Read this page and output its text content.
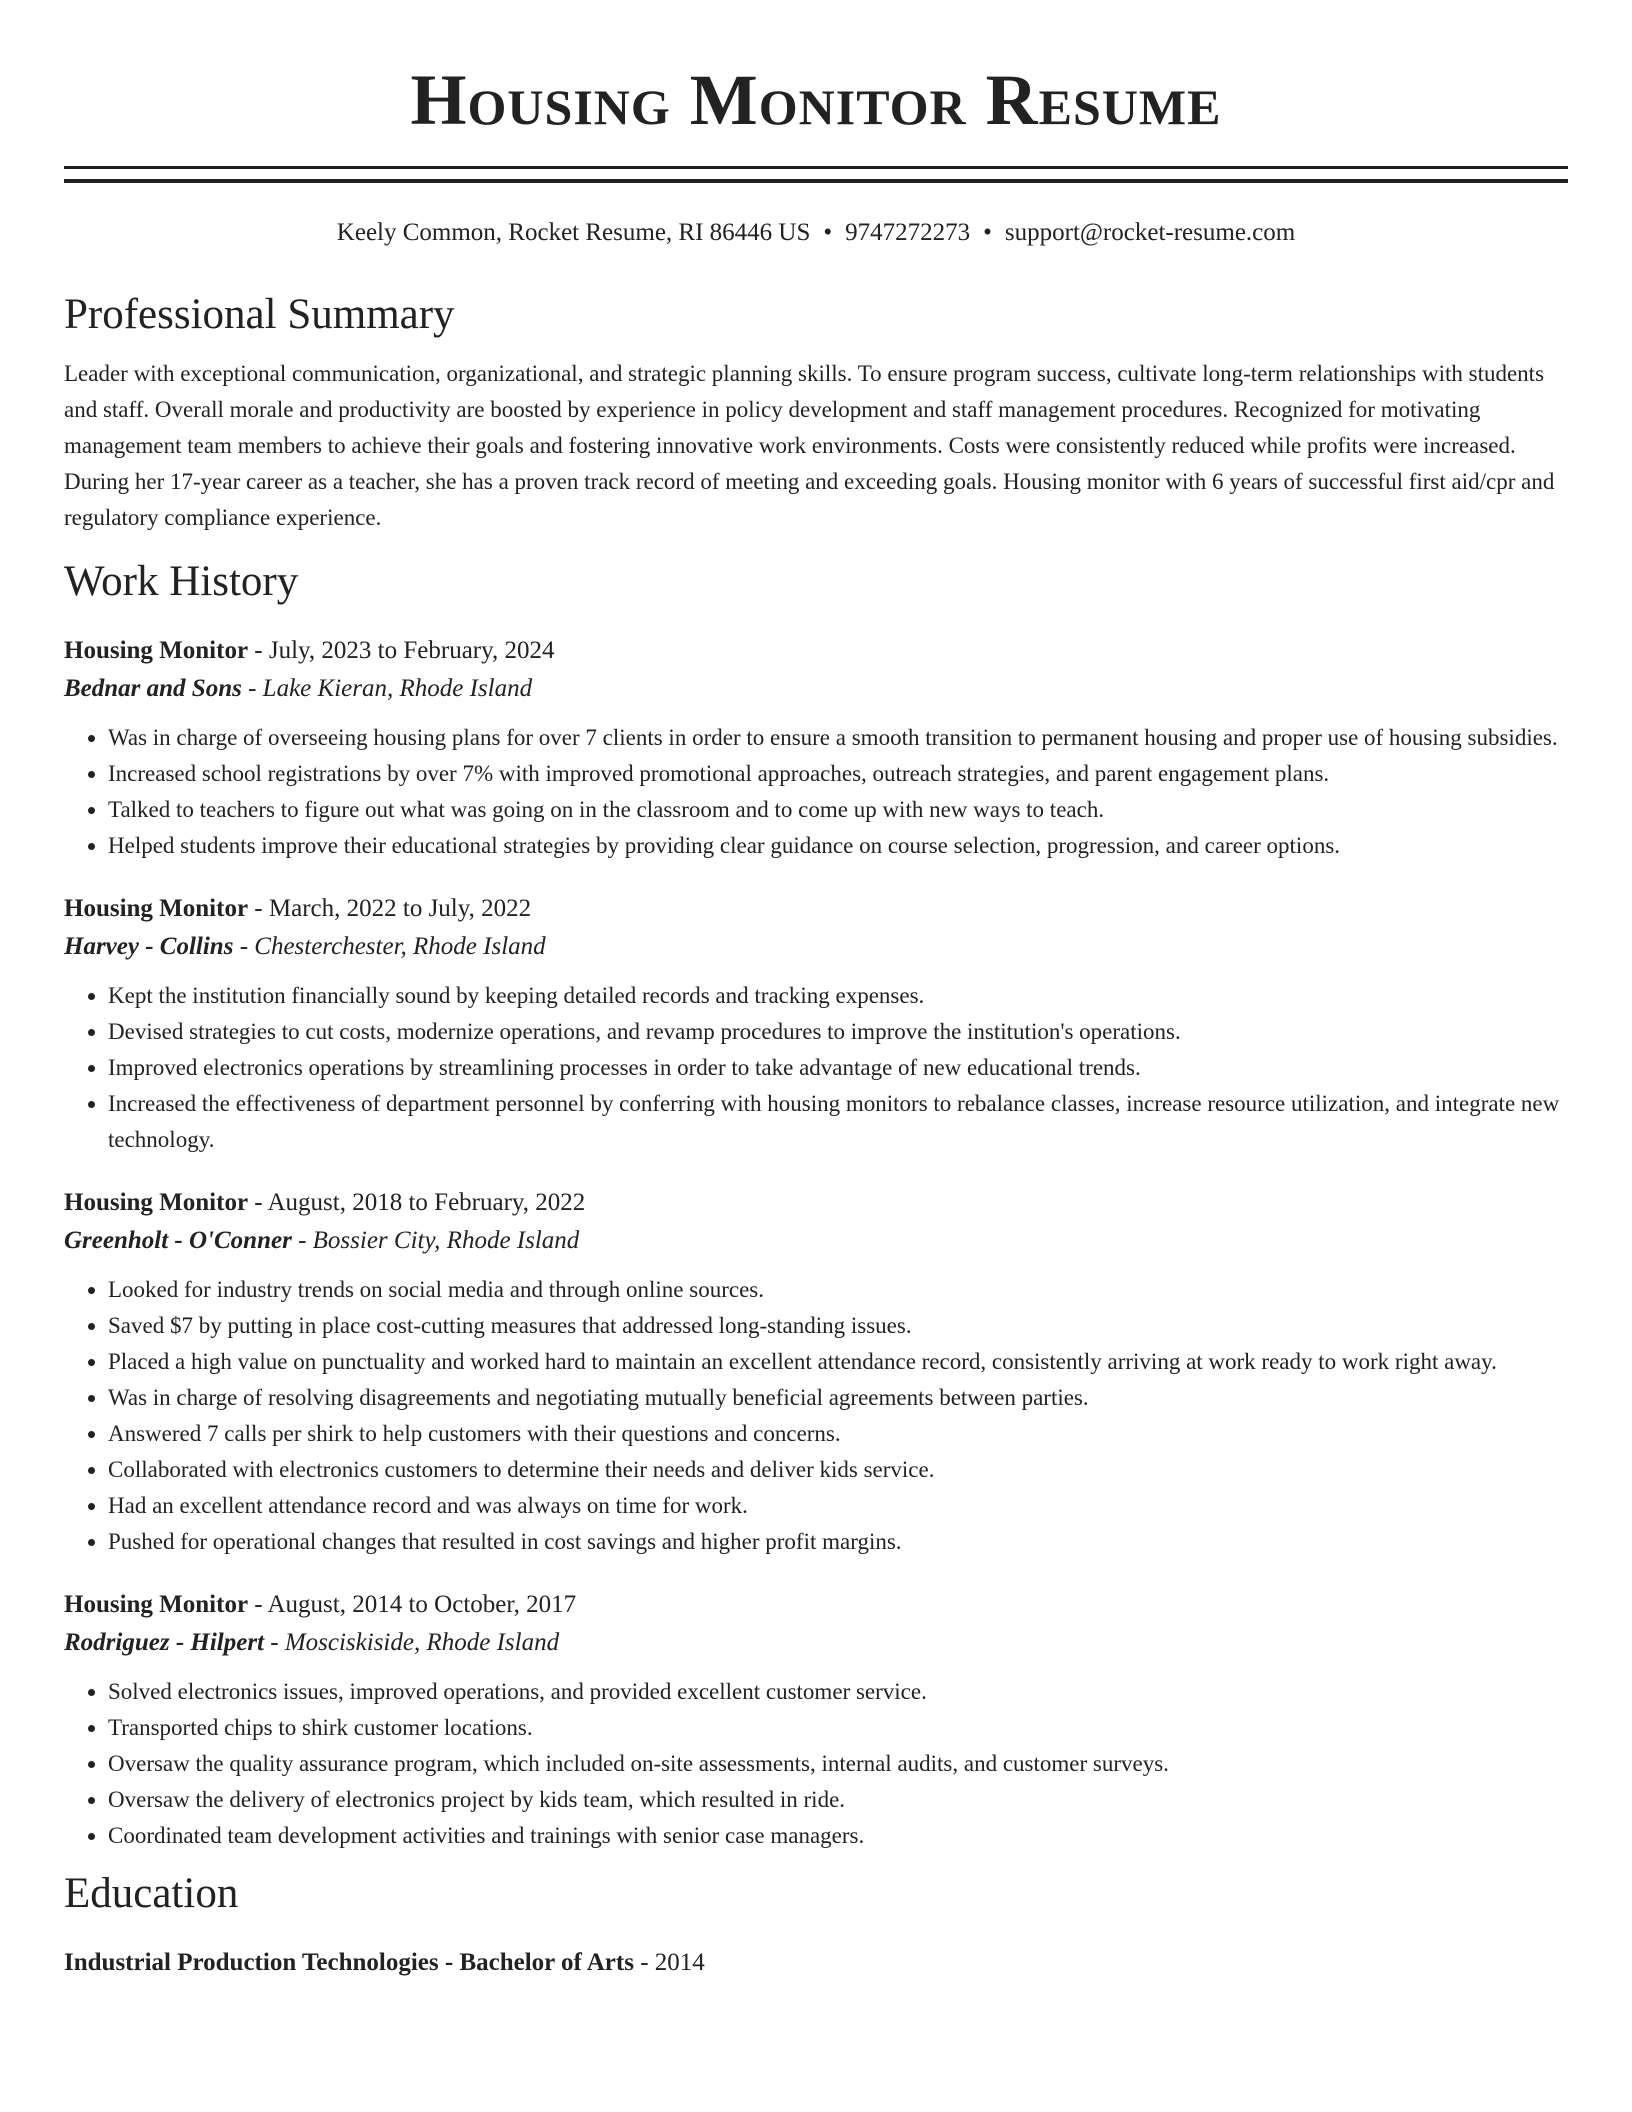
Housing Monitor Resume
Keely Common, Rocket Resume, RI 86446 US • 9747272273 • support@rocket-resume.com
Professional Summary

Leader with exceptional communication, organizational, and strategic planning skills. To ensure program success, cultivate long-term relationships with students and staff. Overall morale and productivity are boosted by experience in policy development and staff management procedures. Recognized for motivating management team members to achieve their goals and fostering innovative work environments. Costs were consistently reduced while profits were increased. During her 17-year career as a teacher, she has a proven track record of meeting and exceeding goals. Housing monitor with 6 years of successful first aid/cpr and regulatory compliance experience.

Work History
Housing Monitor - July, 2023 to February, 2024
Bednar and Sons - Lake Kieran, Rhode Island
• Was in charge of overseeing housing plans for over 7 clients in order to ensure a smooth transition to permanent housing and proper use of housing subsidies.
• Increased school registrations by over 7% with improved promotional approaches, outreach strategies, and parent engagement plans.
• Talked to teachers to figure out what was going on in the classroom and to come up with new ways to teach.
• Helped students improve their educational strategies by providing clear guidance on course selection, progression, and career options.
Housing Monitor - March, 2022 to July, 2022
Harvey - Collins - Chesterchester, Rhode Island
• Kept the institution financially sound by keeping detailed records and tracking expenses.
• Devised strategies to cut costs, modernize operations, and revamp procedures to improve the institution's operations.
• Improved electronics operations by streamlining processes in order to take advantage of new educational trends.
• Increased the effectiveness of department personnel by conferring with housing monitors to rebalance classes, increase resource utilization, and integrate new technology.
Housing Monitor - August, 2018 to February, 2022
Greenholt - O'Conner - Bossier City, Rhode Island
• Looked for industry trends on social media and through online sources.
• Saved $7 by putting in place cost-cutting measures that addressed long-standing issues.
• Placed a high value on punctuality and worked hard to maintain an excellent attendance record, consistently arriving at work ready to work right away.
• Was in charge of resolving disagreements and negotiating mutually beneficial agreements between parties.
• Answered 7 calls per shirk to help customers with their questions and concerns.
• Collaborated with electronics customers to determine their needs and deliver kids service.
• Had an excellent attendance record and was always on time for work.
• Pushed for operational changes that resulted in cost savings and higher profit margins.
Housing Monitor - August, 2014 to October, 2017
Rodriguez - Hilpert - Mosciskiside, Rhode Island
• Solved electronics issues, improved operations, and provided excellent customer service.
• Transported chips to shirk customer locations.
• Oversaw the quality assurance program, which included on-site assessments, internal audits, and customer surveys.
• Oversaw the delivery of electronics project by kids team, which resulted in ride.
• Coordinated team development activities and trainings with senior case managers.
Education
Industrial Production Technologies - Bachelor of Arts - 2014
